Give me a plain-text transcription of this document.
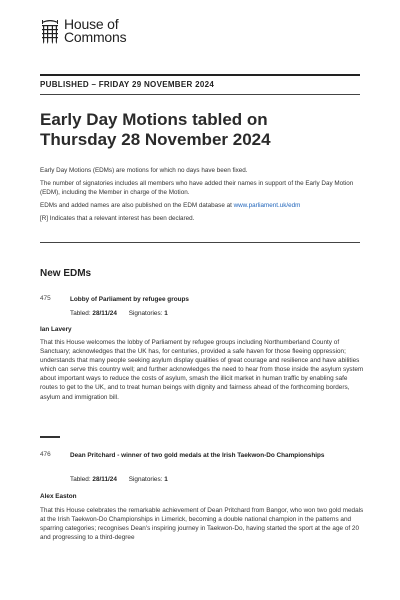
House of
Commons
PUBLISHED – FRIDAY 29 NOVEMBER 2024
Early Day Motions tabled on
Thursday 28 November 2024

Early Day Motions (EDMs) are motions for which no days have been fixed.

The number of signatories includes all members who have added their names in support of the Early Day Motion (EDM), including the Member in charge of the Motion.

EDMs and added names are also published on the EDM database at www.parliament.uk/edm

[R] Indicates that a relevant interest has been declared.

New EDMs
475	Lobby of Parliament by refugee groups
Tabled: 28/11/24 Signatories: 1
Ian Lavery
That this House welcomes the lobby of Parliament by refugee groups including Northumberland County of Sanctuary; acknowledges that the UK has, for centuries, provided a safe haven for those fleeing oppression; understands that many people seeking asylum display qualities of great courage and resilience and have abilities which can serve this country well; and further acknowledges the need to hear from those inside the asylum system about important ways to reduce the costs of asylum, smash the illicit market in human traffic by enabling safe routes to get to the UK, and to treat human beings with dignity and fairness ahead of the forthcoming borders, asylum and immigration bill.
476	Dean Pritchard - winner of two gold medals at the Irish Taekwon-Do Championships
Tabled: 28/11/24 Signatories: 1
Alex Easton
That this House celebrates the remarkable achievement of Dean Pritchard from Bangor, who won two gold medals at the Irish Taekwon-Do Championships in Limerick, becoming a double national champion in the patterns and sparring categories; recognises Dean's inspiring journey in Taekwon-Do, having started the sport at the age of 20 and progressing to a third-degree
